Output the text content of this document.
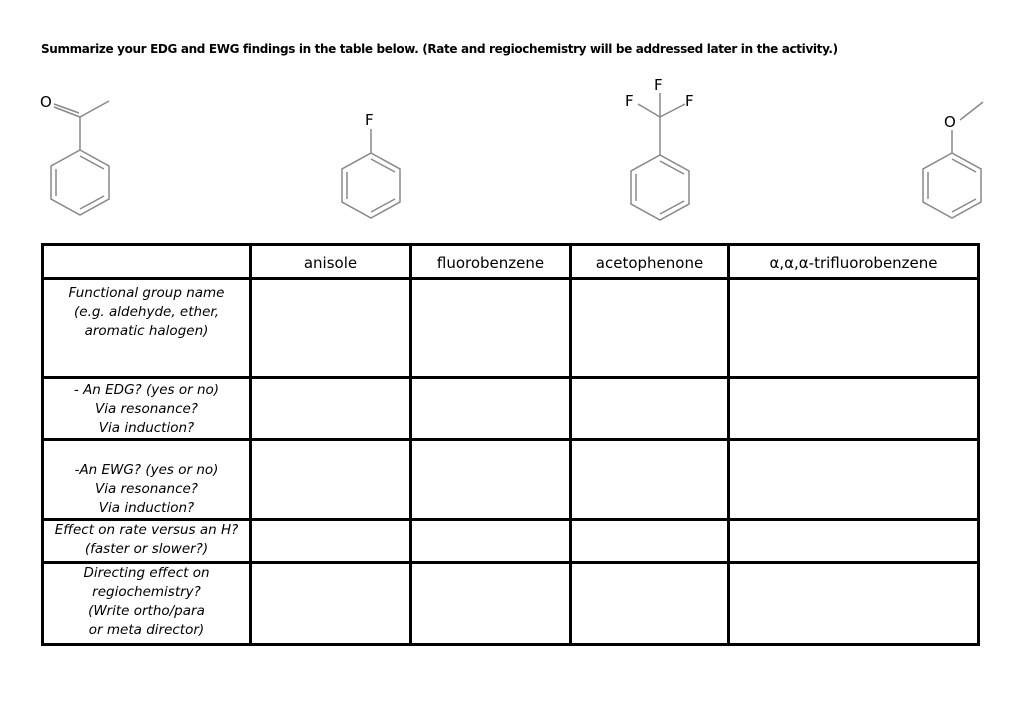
Summarize your EDG and EWG findings in the table below. (Rate and regiochemistry will be addressed later in the activity.)
O
F
F
F	F
O
	anisole	fluorobenzene	acetophenone	α,α,α-trifluorobenzene

Functional group name
(e.g. aldehyde, ether,
aromatic halogen)				

- An EDG? (yes or no)
Via resonance?
Via induction?				

-An EWG? (yes or no)
Via resonance?
Via induction?				

Effect on rate versus an H?
(faster or slower?)				

Directing effect on
regiochemistry?
(Write ortho/para
or meta director)				
